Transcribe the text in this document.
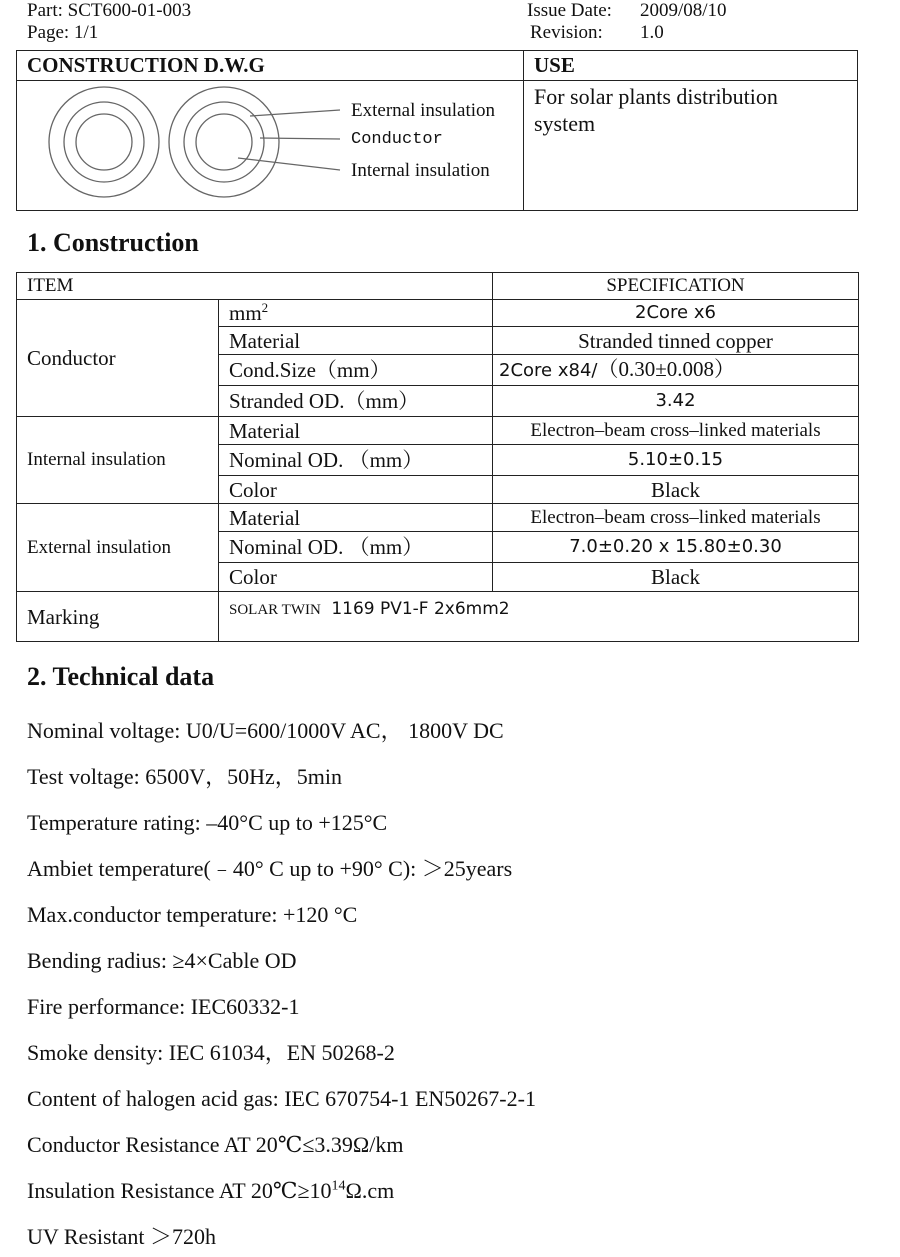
Part: SCT600-01-003
Page: 1/1
Issue Date: 2009/08/10
Revision: 1.0
CONSTRUCTION D.W.G	USE
For solar plants distribution
system
External insulation
Conductor
Internal insulation
1. Construction
ITEM		SPECIFICATION
Conductor	$mm^2$	2Core x6
	Material	Stranded tinned copper
	Cond.Size（mm）	2Core x84/（0.30±0.008）
	Stranded OD.（mm）	3.42
Internal insulation	Material	Electron–beam cross–linked materials
	Nominal OD. （mm）	5.10±0.15
	Color	Black
External insulation	Material	Electron–beam cross–linked materials
	Nominal OD. （mm）	7.0±0.20 x 15.80±0.30
	Color	Black
Marking	SOLAR TWIN 1169 PV1-F 2x6mm2	
2. Technical data
Nominal voltage: U0/U=600/1000V AC， 1800V DC
Test voltage: 6500V，50Hz，5min
Temperature rating: –40°C up to +125°C
Ambiet temperature(﹣40° C up to +90° C): ＞25years
Max.conductor temperature: +120 °C
Bending radius: ≥4×Cable OD
Fire performance: IEC60332-1
Smoke density: IEC 61034，EN 50268-2
Content of halogen acid gas: IEC 670754-1 EN50267-2-1
Conductor Resistance AT 20℃≤3.39Ω/km
Insulation Resistance AT $20℃\ge 10^{14}\Omega.cm$
UV Resistant ＞720h
